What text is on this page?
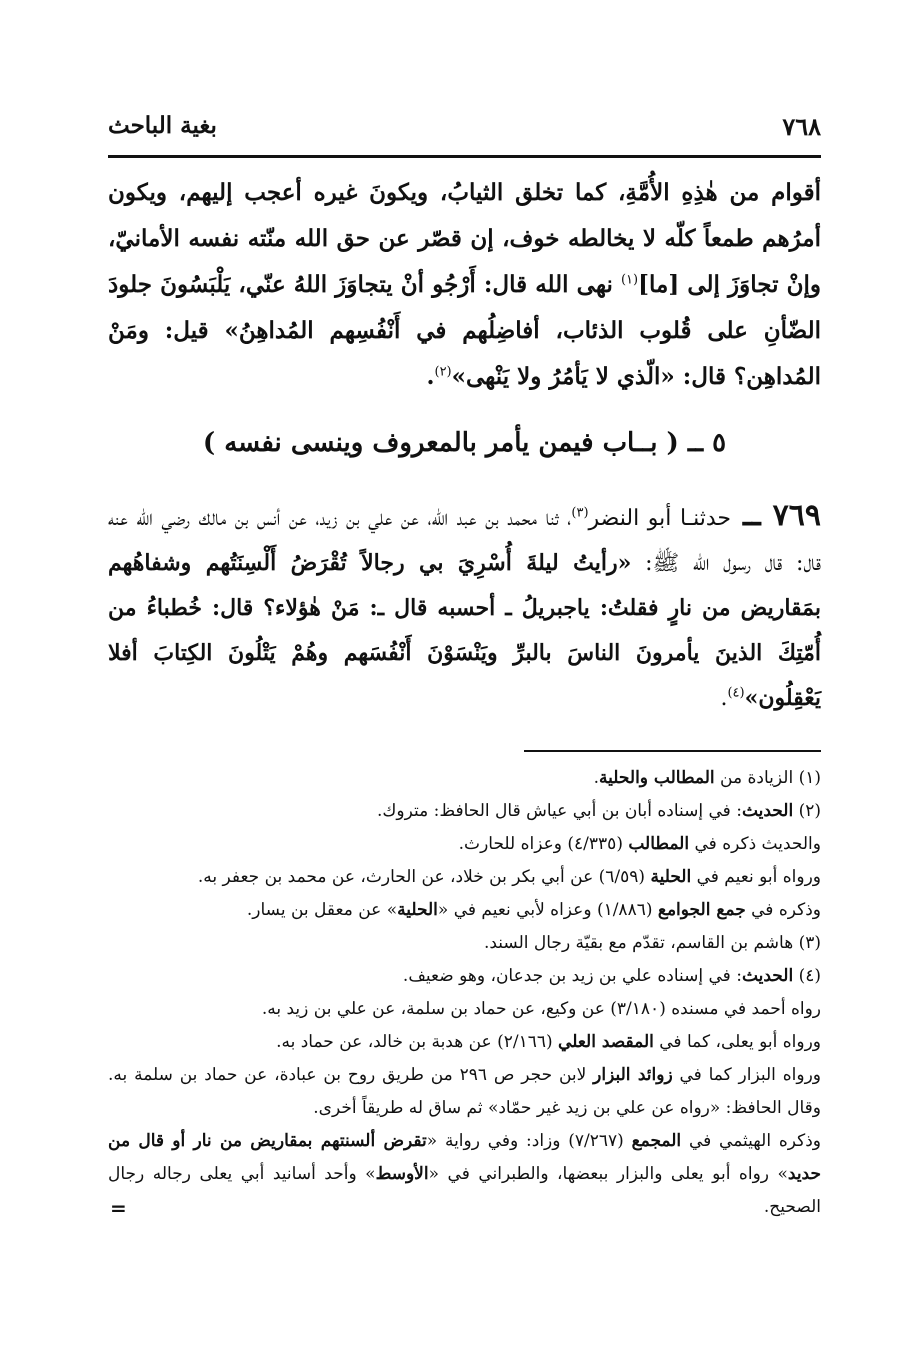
٧٦٨
بغية الباحث
أقوام من هٰذِهِ الأُمَّةِ، كما تخلق الثيابُ، ويكونَ غيره أعجب إليهم، ويكون أمرُهم طمعاً كلّه لا يخالطه خوف، إن قصّر عن حق الله منّته نفسه الأمانيّ، وإنْ تجاوَزَ إلى [ما]$^{(١)}$ نهى الله قال: أَرْجُو أنْ يتجاوَزَ اللهُ عنّي، يَلْبَسُونَ جلودَ الضّأنِ على قُلوب الذئاب، أفاضِلُهم في أَنْفُسِهم المُداهِنُ» قيل: ومَنْ المُداهِن؟ قال: «الّذي لا يَأمُرُ ولا يَنْهى»$^{(٢)}$.
٥ ــ ( بــاب فيمن يأمر بالمعروف وينسى نفسه )
٧٦٩ ــ حدثنـا أبو النضر$^{(٣)}$، ثنا محمد بن عبد الله، عن علي بن زيد، عن أنس بن مالك رضي الله عنه قال: قال رسول الله ﷺ: «رأيتُ ليلةَ أُسْرِيَ بي رجالاً تُقْرَضُ أَلْسِنَتُهم وشفاهُهم بمَقاريض من نارٍ فقلتُ: ياجبريلُ ـ أحسبه قال ـ: مَنْ هٰؤلاء؟ قال: خُطباءُ من أُمّتِكَ الذينَ يأمرونَ الناسَ بالبرِّ ويَنْسَوْنَ أَنْفُسَهم وهُمْ يَتْلُونَ الكِتابَ أفلا يَعْقِلُون»$^{(٤)}$.
(١) الزيادة من المطالب والحلية.
(٢) الحديث: في إسناده أبان بن أبي عياش قال الحافظ: متروك.
والحديث ذكره في المطالب (٤/٣٣٥) وعزاه للحارث.
ورواه أبو نعيم في الحلية (٦/٥٩) عن أبي بكر بن خلاد، عن الحارث، عن محمد بن جعفر به.
وذكره في جمع الجوامع (١/٨٨٦) وعزاه لأبي نعيم في «الحلية» عن معقل بن يسار.
(٣) هاشم بن القاسم، تقدّم مع بقيّة رجال السند.
(٤) الحديث: في إسناده علي بن زيد بن جدعان، وهو ضعيف.
رواه أحمد في مسنده (٣/١٨٠) عن وكيع، عن حماد بن سلمة، عن علي بن زيد به.
ورواه أبو يعلى، كما في المقصد العلي (٢/١٦٦) عن هدبة بن خالد، عن حماد به.
ورواه البزار كما في زوائد البزار لابن حجر ص ٢٩٦ من طريق روح بن عبادة، عن حماد بن سلمة به. وقال الحافظ: «رواه عن علي بن زيد غير حمّاد» ثم ساق له طريقاً أخرى.
وذكره الهيثمي في المجمع (٧/٢٦٧) وزاد: وفي رواية «تقرض ألسنتهم بمقاريض من نار أو قال من حديد» رواه أبو يعلى والبزار ببعضها، والطبراني في «الأوسط» وأحد أسانيد أبي يعلى رجاله رجال الصحيح.
=
